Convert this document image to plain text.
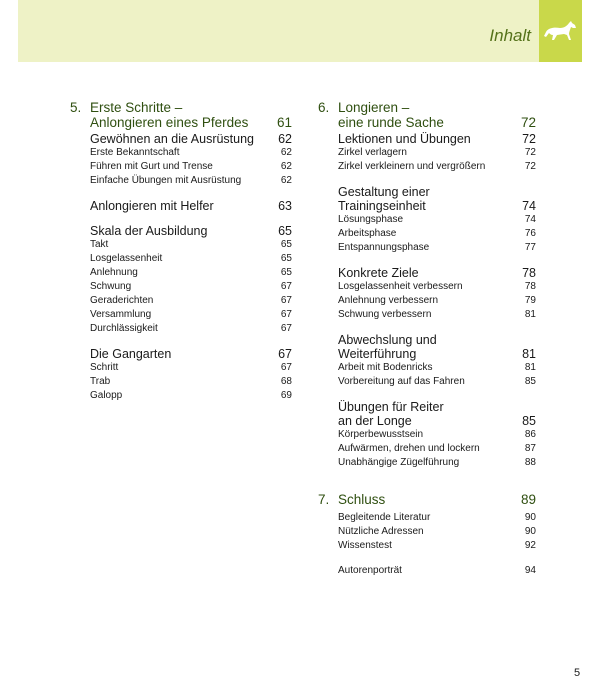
Inhalt
5. Erste Schritte –
Anlongieren eines Pferdes	61
Gewöhnen an die Ausrüstung	62
Erste Bekanntschaft	62
Führen mit Gurt und Trense	62
Einfache Übungen mit Ausrüstung	62
Anlongieren mit Helfer	63
Skala der Ausbildung	65
Takt	65
Losgelassenheit	65
Anlehnung	65
Schwung	67
Geraderichten	67
Versammlung	67
Durchlässigkeit	67
Die Gangarten	67
Schritt	67
Trab	68
Galopp	69
6. Longieren –
eine runde Sache	72
Lektionen und Übungen	72
Zirkel verlagern	72
Zirkel verkleinern und vergrößern	72
Gestaltung einer
Trainingseinheit	74
Lösungsphase	74
Arbeitsphase	76
Entspannungsphase	77
Konkrete Ziele	78
Losgelassenheit verbessern	78
Anlehnung verbessern	79
Schwung verbessern	81
Abwechslung und
Weiterführung	81
Arbeit mit Bodenricks	81
Vorbereitung auf das Fahren	85
Übungen für Reiter
an der Longe	85
Körperbewusstsein	86
Aufwärmen, drehen und lockern	87
Unabhängige Zügelführung	88
7. Schluss	89
Begleitende Literatur	90
Nützliche Adressen	90
Wissenstest	92
Autorenporträt	94
5
